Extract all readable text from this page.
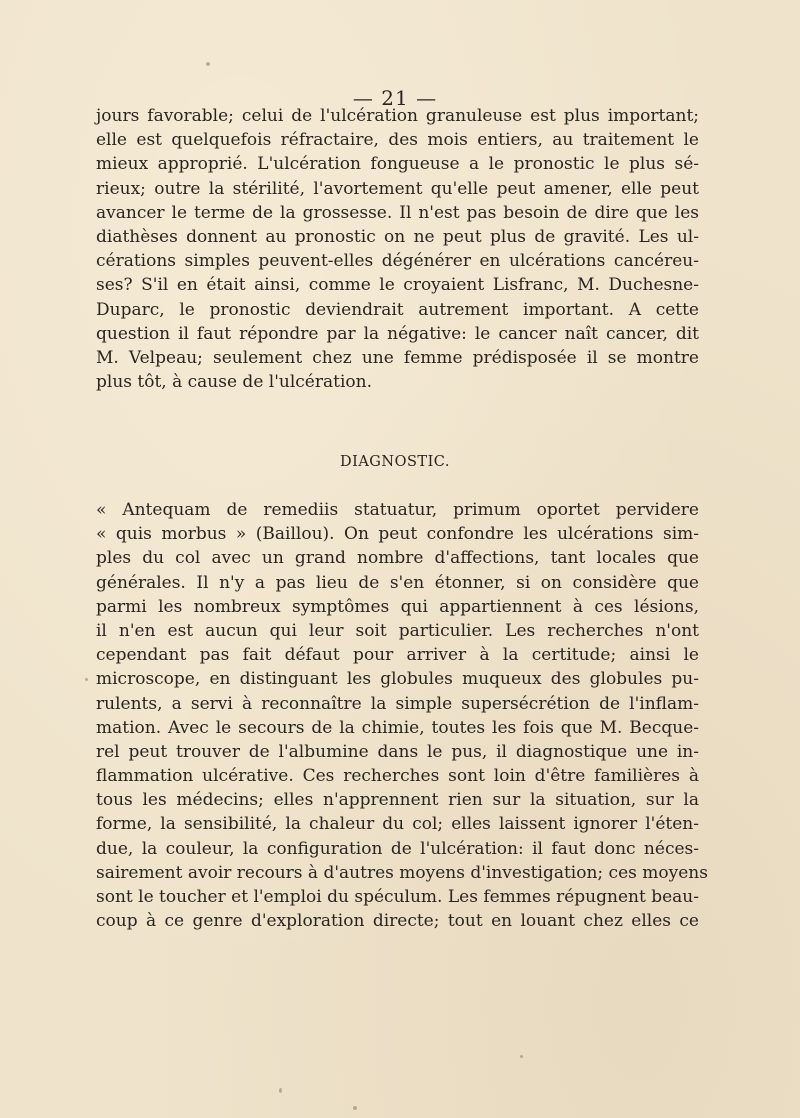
— 21 —
jours favorable; celui de l'ulcération granuleuse est plus important;
elle est quelquefois réfractaire, des mois entiers, au traitement le
mieux approprié. L'ulcération fongueuse a le pronostic le plus sé-
rieux; outre la stérilité, l'avortement qu'elle peut amener, elle peut
avancer le terme de la grossesse. Il n'est pas besoin de dire que les
diathèses donnent au pronostic on ne peut plus de gravité. Les ul-
cérations simples peuvent-elles dégénérer en ulcérations cancéreu-
ses? S'il en était ainsi, comme le croyaient Lisfranc, M. Duchesne-
Duparc, le pronostic deviendrait autrement important. A cette
question il faut répondre par la négative: le cancer naît cancer, dit
M. Velpeau; seulement chez une femme prédisposée il se montre
plus tôt, à cause de l'ulcération.
DIAGNOSTIC.
« Antequam de remediis statuatur, primum oportet pervidere
« quis morbus » (Baillou). On peut confondre les ulcérations sim-
ples du col avec un grand nombre d'affections, tant locales que
générales. Il n'y a pas lieu de s'en étonner, si on considère que
parmi les nombreux symptômes qui appartiennent à ces lésions,
il n'en est aucun qui leur soit particulier. Les recherches n'ont
cependant pas fait défaut pour arriver à la certitude; ainsi le
microscope, en distinguant les globules muqueux des globules pu-
rulents, a servi à reconnaître la simple supersécrétion de l'inflam-
mation. Avec le secours de la chimie, toutes les fois que M. Becque-
rel peut trouver de l'albumine dans le pus, il diagnostique une in-
flammation ulcérative. Ces recherches sont loin d'être familières à
tous les médecins; elles n'apprennent rien sur la situation, sur la
forme, la sensibilité, la chaleur du col; elles laissent ignorer l'éten-
due, la couleur, la configuration de l'ulcération: il faut donc néces-
sairement avoir recours à d'autres moyens d'investigation; ces moyens
sont le toucher et l'emploi du spéculum. Les femmes répugnent beau-
coup à ce genre d'exploration directe; tout en louant chez elles ce
